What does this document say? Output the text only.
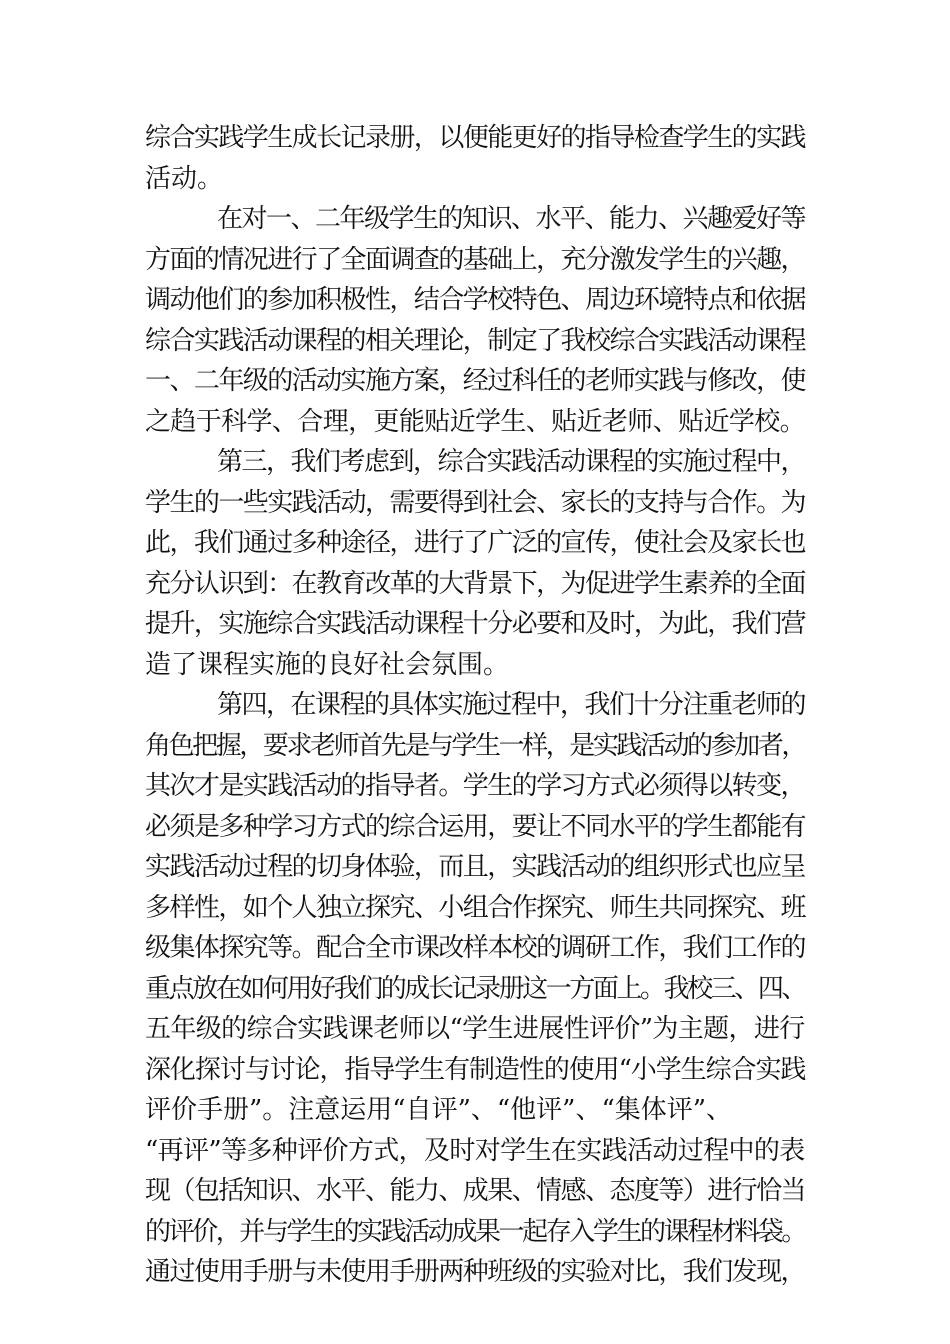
综合实践学生成长记录册，以便能更好的指导检查学生的实践
活动。
在对一、二年级学生的知识、水平、能力、兴趣爱好等
方面的情况进行了全面调查的基础上，充分激发学生的兴趣，
调动他们的参加积极性，结合学校特色、周边环境特点和依据
综合实践活动课程的相关理论，制定了我校综合实践活动课程
一、二年级的活动实施方案，经过科任的老师实践与修改，使
之趋于科学、合理，更能贴近学生、贴近老师、贴近学校。
第三，我们考虑到，综合实践活动课程的实施过程中，
学生的一些实践活动，需要得到社会、家长的支持与合作。为
此，我们通过多种途径，进行了广泛的宣传，使社会及家长也
充分认识到：在教育改革的大背景下，为促进学生素养的全面
提升，实施综合实践活动课程十分必要和及时，为此，我们营
造了课程实施的良好社会氛围。
第四，在课程的具体实施过程中，我们十分注重老师的
角色把握，要求老师首先是与学生一样，是实践活动的参加者，
其次才是实践活动的指导者。学生的学习方式必须得以转变，
必须是多种学习方式的综合运用，要让不同水平的学生都能有
实践活动过程的切身体验，而且，实践活动的组织形式也应呈
多样性，如个人独立探究、小组合作探究、师生共同探究、班
级集体探究等。配合全市课改样本校的调研工作，我们工作的
重点放在如何用好我们的成长记录册这一方面上。我校三、四、
五年级的综合实践课老师以“学生进展性评价”为主题，进行
深化探讨与讨论，指导学生有制造性的使用“小学生综合实践
评价手册”。注意运用“自评”、“他评”、“集体评”、
“再评”等多种评价方式，及时对学生在实践活动过程中的表
现（包括知识、水平、能力、成果、情感、态度等）进行恰当
的评价，并与学生的实践活动成果一起存入学生的课程材料袋。
通过使用手册与未使用手册两种班级的实验对比，我们发现，
